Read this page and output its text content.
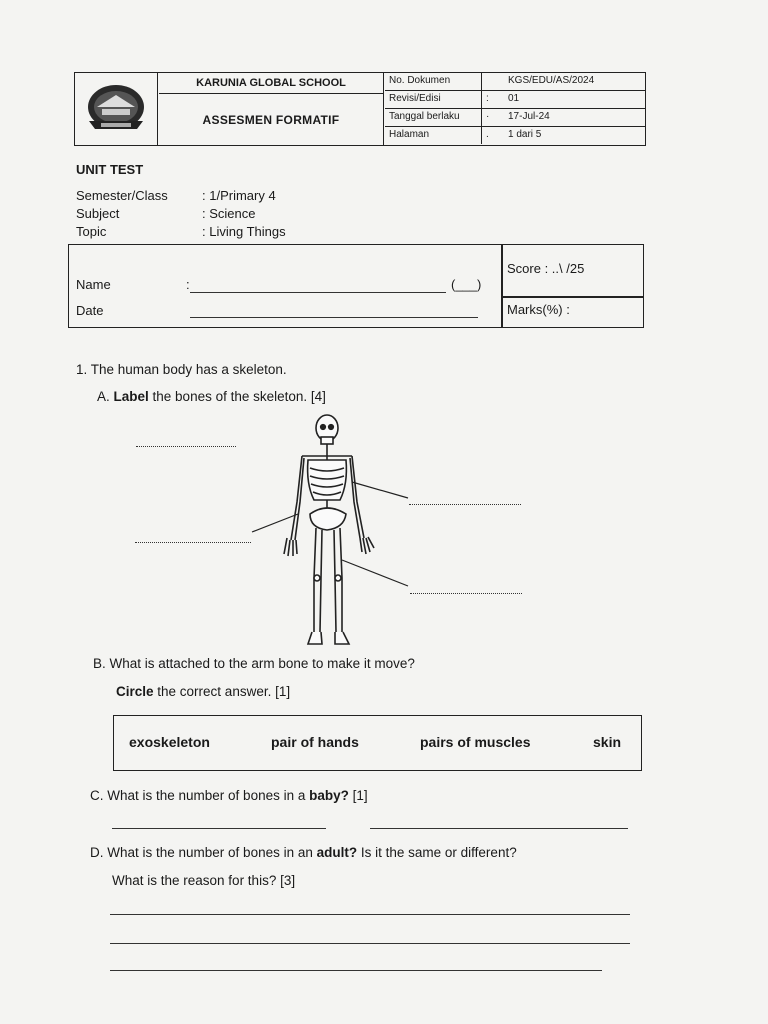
KARUNIA GLOBAL SCHOOL
ASSESMEN FORMATIF
No. Dokumen	KGS/EDU/AS/2024
Revisi/Edisi	: 01
Tanggal berlaku	· 17-Jul-24
Halaman	. 1 dari 5
UNIT TEST
Semester/Class	: 1/Primary 4
Subject	: Science
Topic	: Living Things
Name	:	(___)
Date
Score : ..\ /25
Marks(%) :
1. The human body has a skeleton.
A. Label the bones of the skeleton. [4]
B. What is attached to the arm bone to make it move?
Circle the correct answer. [1]
exoskeleton	pair of hands	pairs of muscles	skin
C. What is the number of bones in a baby? [1]
D. What is the number of bones in an adult? Is it the same or different?
What is the reason for this? [3]
